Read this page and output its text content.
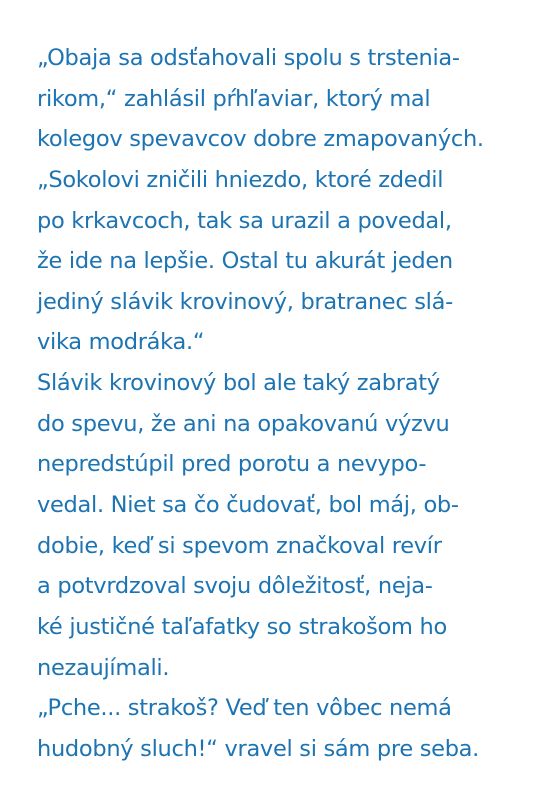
„Obaja sa odsťahovali spolu s trstenia-
rikom,“ zahlásil pŕhľaviar, ktorý mal
kolegov spevavcov dobre zmapovaných.
„Sokolovi zničili hniezdo, ktoré zdedil
po krkavcoch, tak sa urazil a povedal,
že ide na lepšie. Ostal tu akurát jeden
jediný slávik krovinový, bratranec slá-
vika modráka.“
Slávik krovinový bol ale taký zabratý
do spevu, že ani na opakovanú výzvu
nepredstúpil pred porotu a nevypo-
vedal. Niet sa čo čudovať, bol máj, ob-
dobie, keď si spevom značkoval revír
a potvrdzoval svoju dôležitosť, neja-
ké justičné taľafatky so strakošom ho
nezaujímali.
„Pche... strakoš? Veď ten vôbec nemá
hudobný sluch!“ vravel si sám pre seba.
